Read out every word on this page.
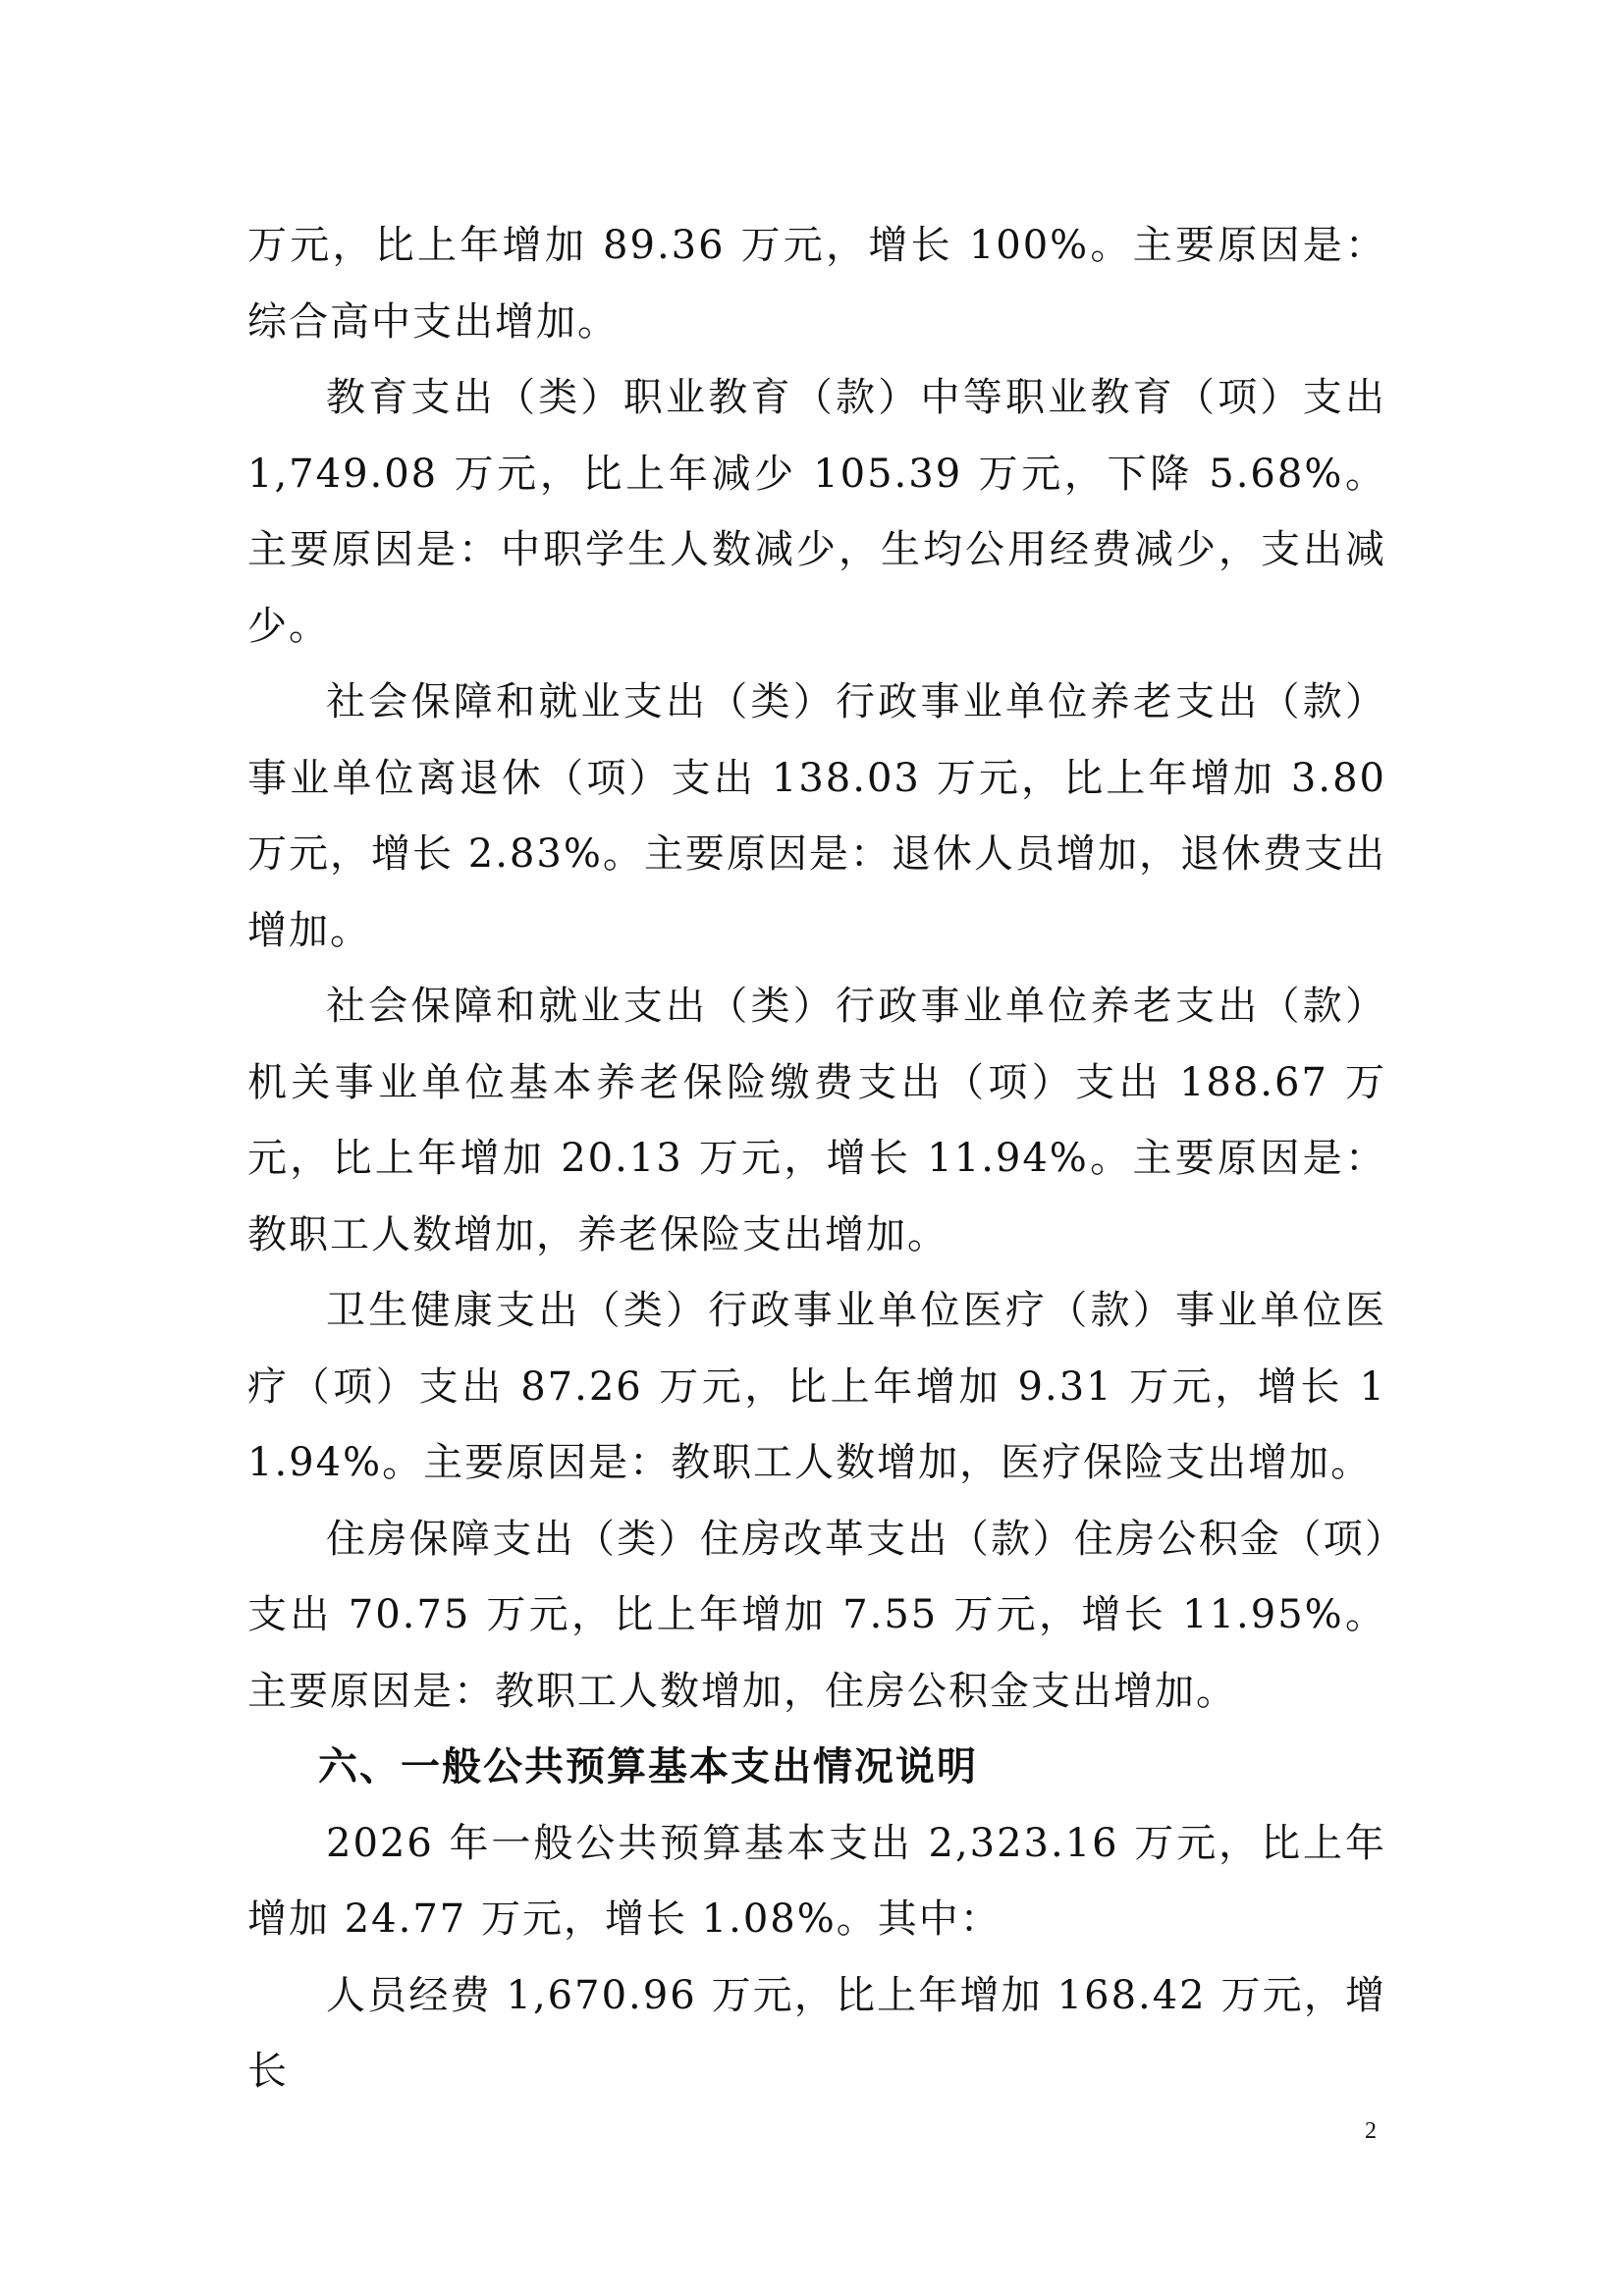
万元，比上年增加 89.36 万元，增长 100%。主要原因是：综合高中支出增加。

教育支出（类）职业教育（款）中等职业教育（项）支出 1,749.08 万元，比上年减少 105.39 万元，下降 5.68%。主要原因是：中职学生人数减少，生均公用经费减少，支出减少。

社会保障和就业支出（类）行政事业单位养老支出（款）事业单位离退休（项）支出 138.03 万元，比上年增加 3.80 万元，增长 2.83%。主要原因是：退休人员增加，退休费支出增加。

社会保障和就业支出（类）行政事业单位养老支出（款）机关事业单位基本养老保险缴费支出（项）支出 188.67 万元，比上年增加 20.13 万元，增长 11.94%。主要原因是：教职工人数增加，养老保险支出增加。

卫生健康支出（类）行政事业单位医疗（款）事业单位医疗（项）支出 87.26 万元，比上年增加 9.31 万元，增长 11.94%。主要原因是：教职工人数增加，医疗保险支出增加。

住房保障支出（类）住房改革支出（款）住房公积金（项）支出 70.75 万元，比上年增加 7.55 万元，增长 11.95%。主要原因是：教职工人数增加，住房公积金支出增加。

六、一般公共预算基本支出情况说明

2026 年一般公共预算基本支出 2,323.16 万元，比上年增加 24.77 万元，增长 1.08%。其中：

人员经费 1,670.96 万元，比上年增加 168.42 万元，增长

2
